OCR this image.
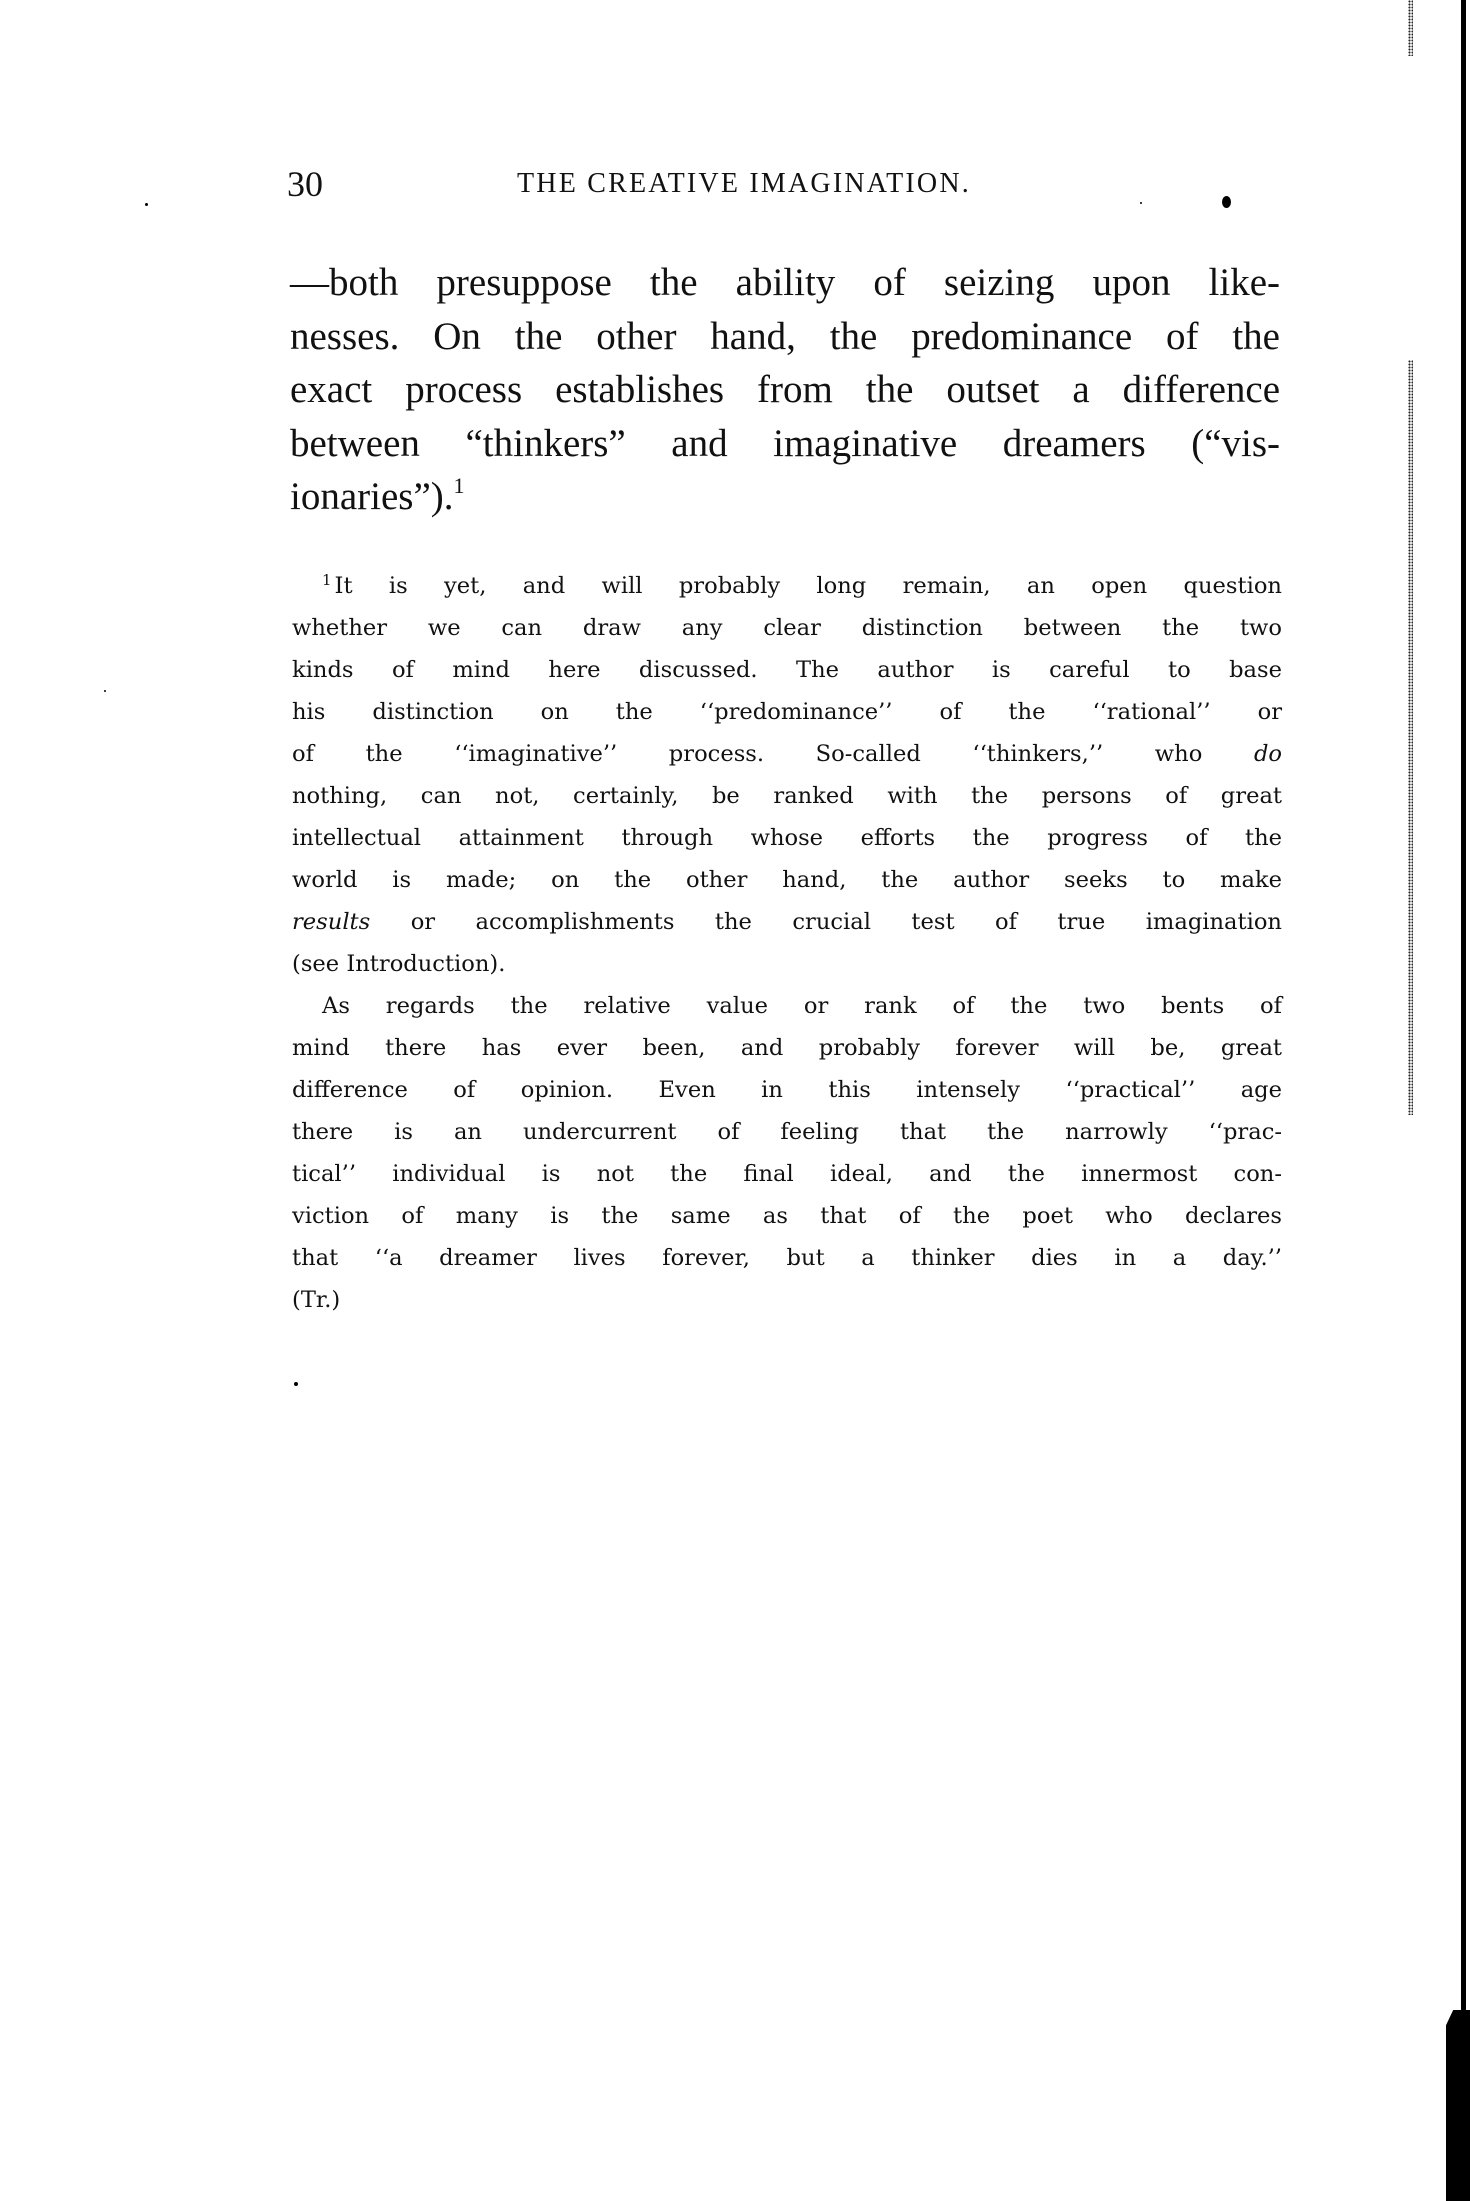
30	THE CREATIVE IMAGINATION.
—both presuppose the ability of seizing upon like-
nesses. On the other hand, the predominance of the
exact process establishes from the outset a difference
between “thinkers” and imaginative dreamers (“vis-
ionaries”).$^1$
$^1$ It is yet, and will probably long remain, an open question
whether we can draw any clear distinction between the two
kinds of mind here discussed. The author is careful to base
his distinction on the ‘‘predominance’’ of the ‘‘rational’’ or
of the ‘‘imaginative’’ process. So-called ‘‘thinkers,’’ who do
nothing, can not, certainly, be ranked with the persons of great
intellectual attainment through whose efforts the progress of the
world is made; on the other hand, the author seeks to make
results or accomplishments the crucial test of true imagination
(see Introduction).
As regards the relative value or rank of the two bents of
mind there has ever been, and probably forever will be, great
difference of opinion. Even in this intensely ‘‘practical’’ age
there is an undercurrent of feeling that the narrowly ‘‘prac-
tical’’ individual is not the final ideal, and the innermost con-
viction of many is the same as that of the poet who declares
that ‘‘a dreamer lives forever, but a thinker dies in a day.’’
(Tr.)
